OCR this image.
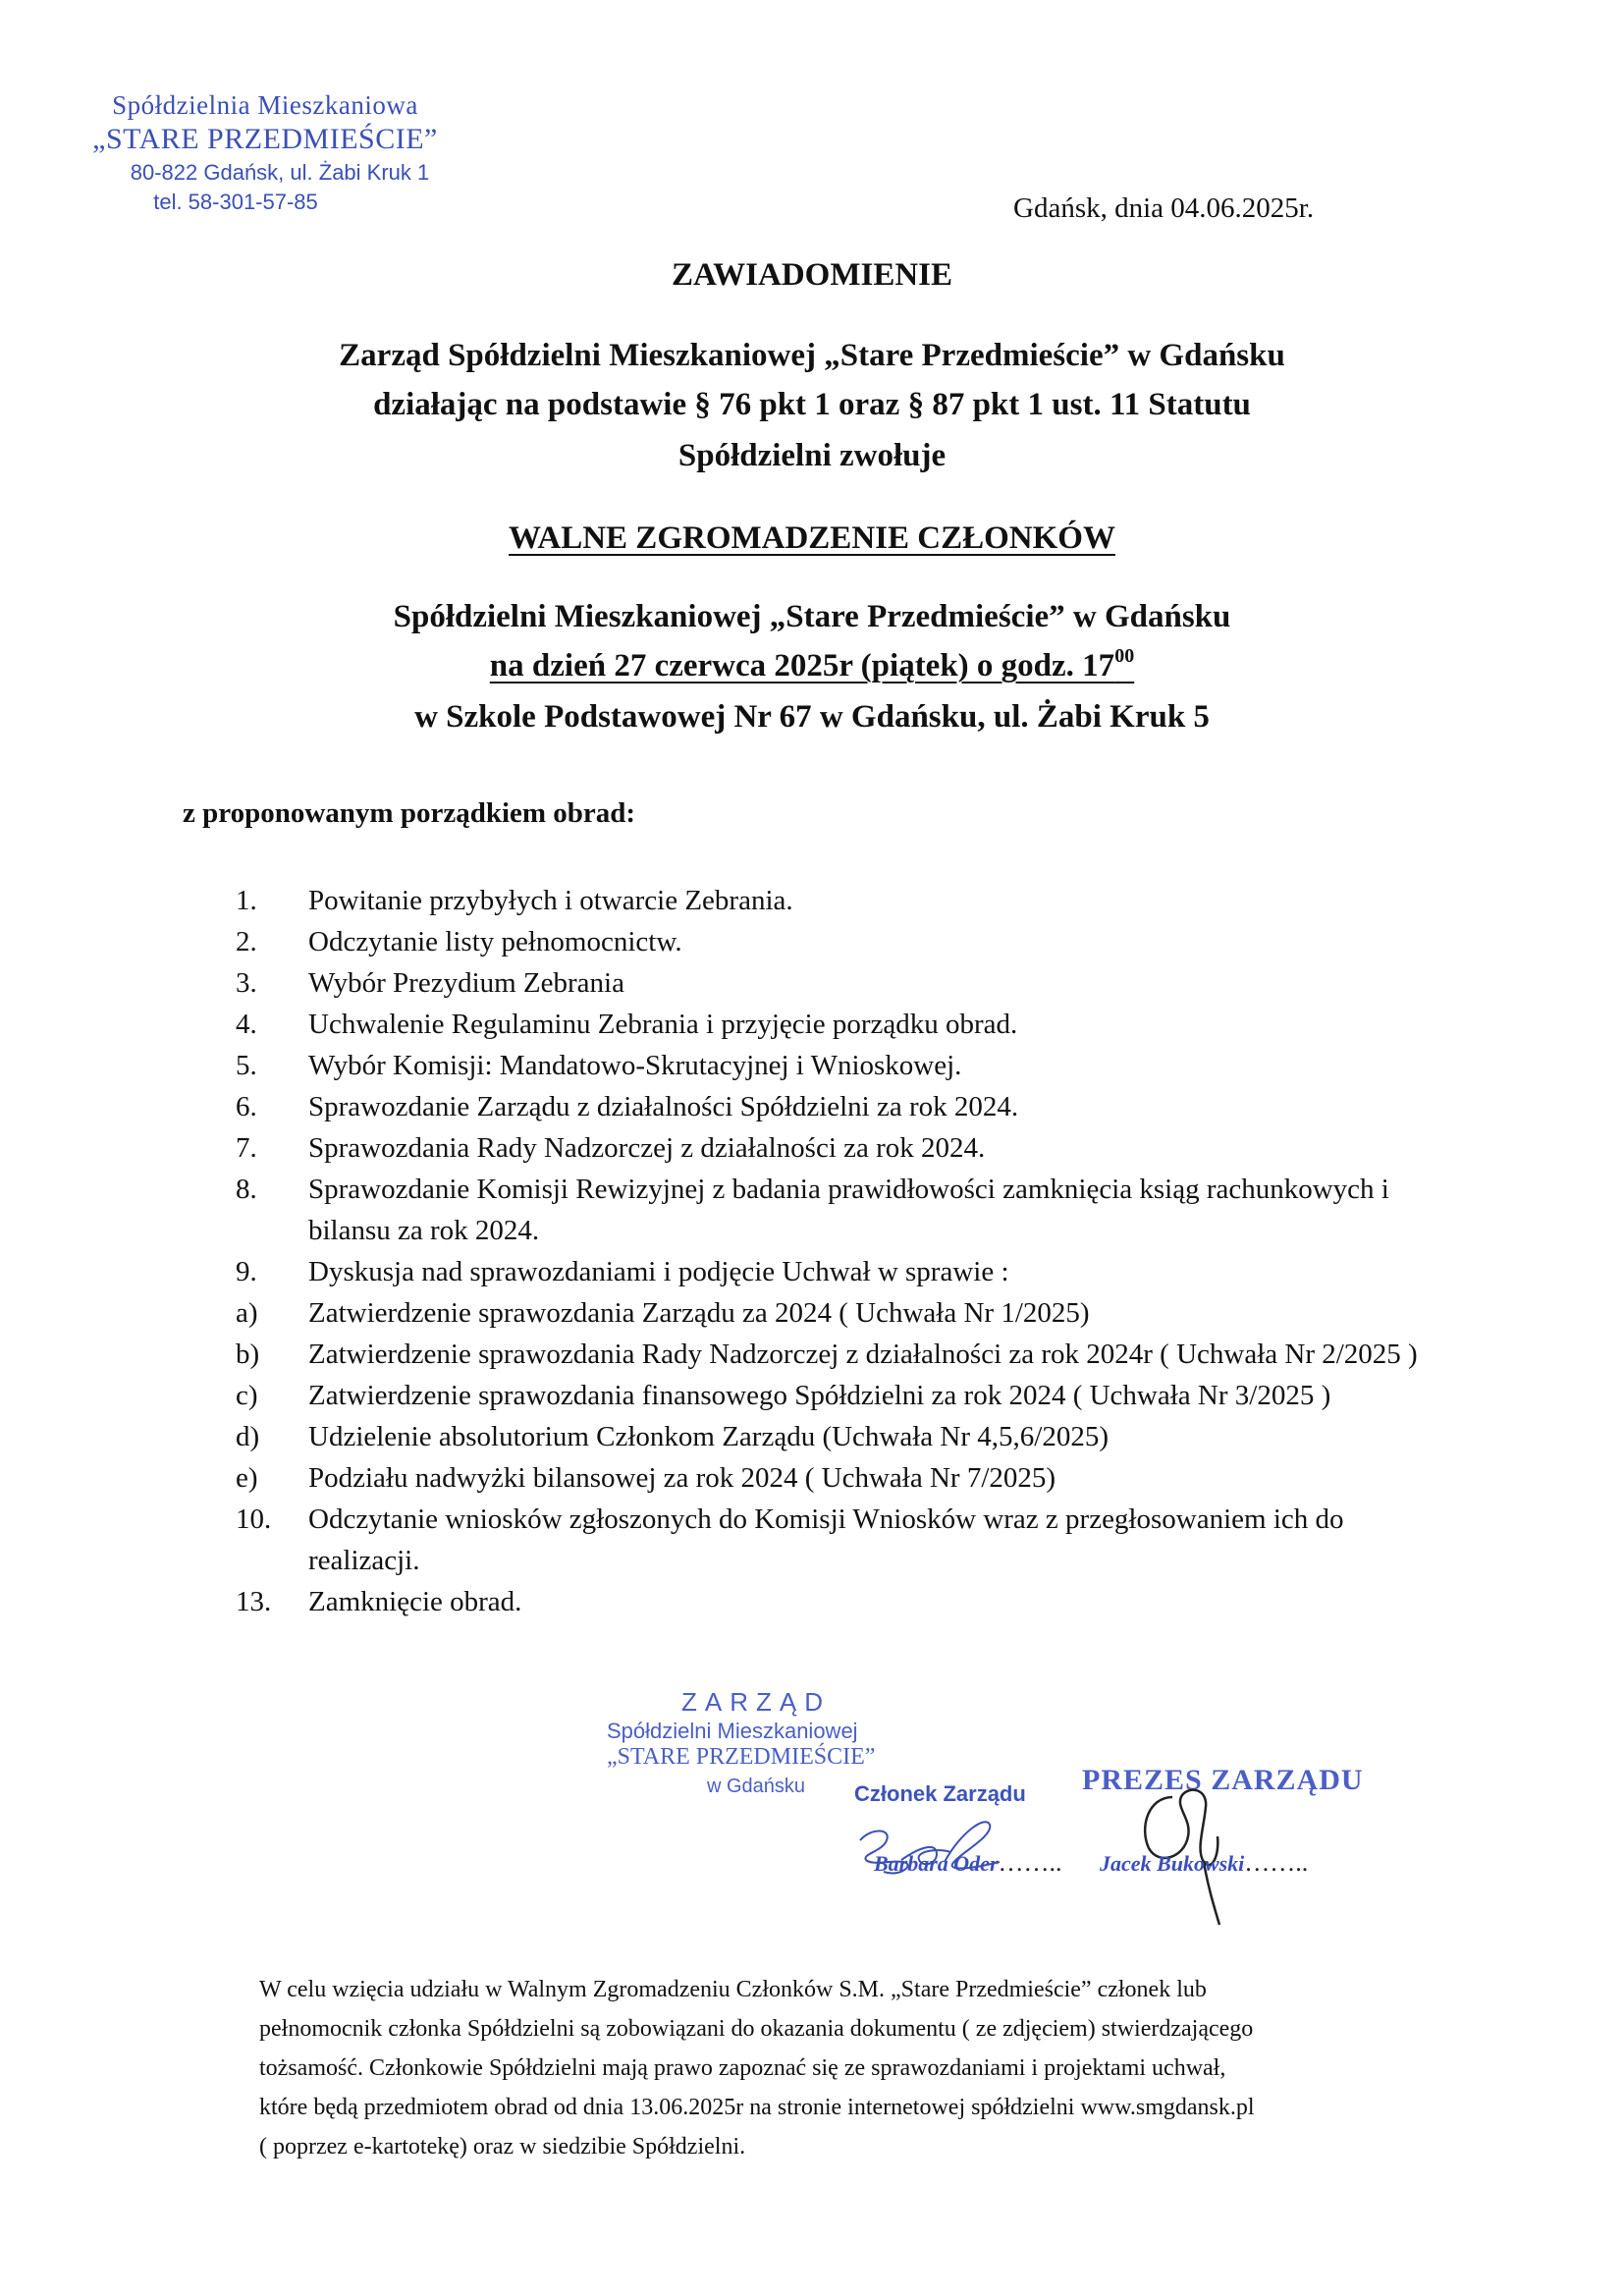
Spółdzielnia Mieszkaniowa
„STARE PRZEDMIEŚCIE”
80-822 Gdańsk, ul. Żabi Kruk 1
tel. 58-301-57-85	Gdańsk, dnia 04.06.2025r.
ZAWIADOMIENIE
Zarząd Spółdzielni Mieszkaniowej „Stare Przedmieście” w Gdańsku
działając na podstawie § 76 pkt 1 oraz § 87 pkt 1 ust. 11 Statutu
Spółdzielni zwołuje
WALNE ZGROMADZENIE CZŁONKÓW
Spółdzielni Mieszkaniowej „Stare Przedmieście” w Gdańsku
na dzień 27 czerwca 2025r (piątek) o godz. $17^{00}$
w Szkole Podstawowej Nr 67 w Gdańsku, ul. Żabi Kruk 5
z proponowanym porządkiem obrad:
1.	Powitanie przybyłych i otwarcie Zebrania.
2.	Odczytanie listy pełnomocnictw.
3.	Wybór Prezydium Zebrania
4.	Uchwalenie Regulaminu Zebrania i przyjęcie porządku obrad.
5.	Wybór Komisji: Mandatowo-Skrutacyjnej i Wnioskowej.
6.	Sprawozdanie Zarządu z działalności Spółdzielni za rok 2024.
7.	Sprawozdania Rady Nadzorczej z działalności za rok 2024.
8.	Sprawozdanie Komisji Rewizyjnej z badania prawidłowości zamknięcia ksiąg rachunkowych i bilansu za rok 2024.
9.	Dyskusja nad sprawozdaniami i podjęcie Uchwał w sprawie :
a)	Zatwierdzenie sprawozdania Zarządu za 2024 ( Uchwała Nr 1/2025)
b)	Zatwierdzenie sprawozdania Rady Nadzorczej z działalności za rok 2024r ( Uchwała Nr 2/2025 )
c)	Zatwierdzenie sprawozdania finansowego Spółdzielni za rok 2024 ( Uchwała Nr 3/2025 )
d)	Udzielenie absolutorium Członkom Zarządu (Uchwała Nr 4,5,6/2025)
e)	Podziału nadwyżki bilansowej za rok 2024 ( Uchwała Nr 7/2025)
10.	Odczytanie wniosków zgłoszonych do Komisji Wniosków wraz z przegłosowaniem ich do realizacji.
13.	Zamknięcie obrad.
ZARZĄD
Spółdzielni Mieszkaniowej
„STARE PRZEDMIEŚCIE”
w Gdańsku Członek Zarządu PREZES ZARZĄDU
Barbara Oder…….. Jacek Bukowski……..
W celu wzięcia udziału w Walnym Zgromadzeniu Członków S.M. „Stare Przedmieście” członek lub
pełnomocnik członka Spółdzielni są zobowiązani do okazania dokumentu ( ze zdjęciem) stwierdzającego
tożsamość. Członkowie Spółdzielni mają prawo zapoznać się ze sprawozdaniami i projektami uchwał,
które będą przedmiotem obrad od dnia 13.06.2025r na stronie internetowej spółdzielni www.smgdansk.pl
( poprzez e-kartotekę) oraz w siedzibie Spółdzielni.
